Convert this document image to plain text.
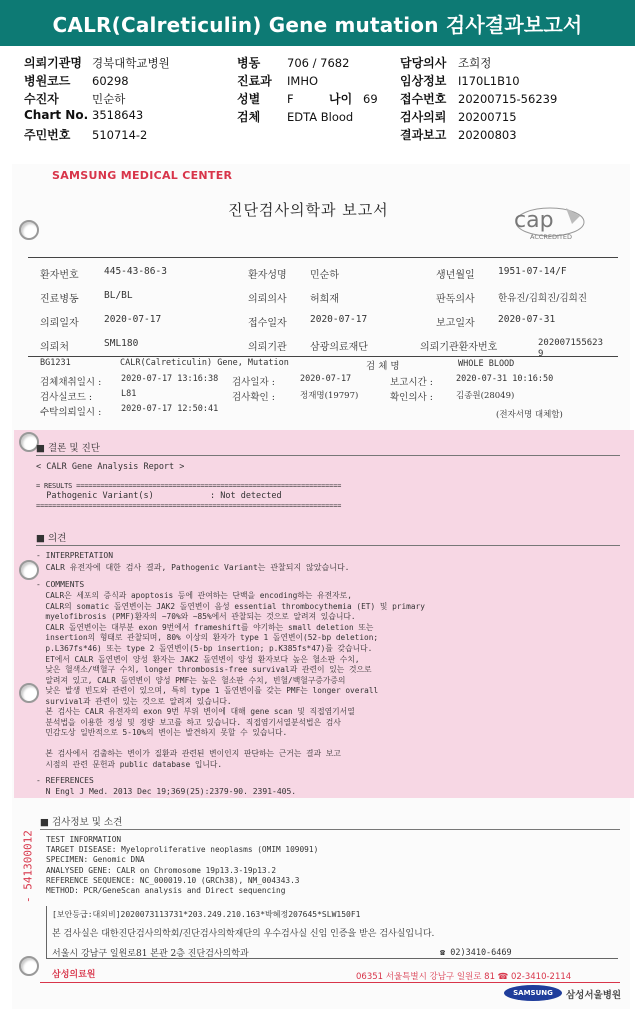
CALR(Calreticulin) Gene mutation 검사결과보고서
의뢰기관명 경북대학교병원
병원코드 60298
수진자	민순하
Chart No. 3518643
주민번호 510714-2
병동 706 / 7682
진료과 IMHO
성별 F	나이 69
검체 EDTA Blood
담당의사 조희정
임상정보 I170L1B10
접수번호 20200715-56239
검사의뢰 20200715
결과보고 20200803
SAMSUNG MEDICAL CENTER
진단검사의학과 보고서	cap
ACCREDITED
환자번호	445-43-86-3	환자성명 민순하	생년월일 1951-07-14/F
진료병동	BL/BL	의뢰의사 허희재	판독의사 한유진/김희진/김희진
의뢰일자	2020-07-17	접수일자 2020-07-17	보고일자 2020-07-31
의뢰처	SML180	의뢰기관 삼광의료재단	의뢰기관환자번호	202007155623
9
BG1231	CALR(Calreticulin) Gene, Mutation	검 체 명	WHOLE BLOOD
검체채취일시 : 2020-07-17 13:16:38 검사일자 :	2020-07-17	보고시간 :	2020-07-31 10:16:50
검사실코드 :	L81	검사확인 :	정재명(19797)	확인의사 :	김종원(28049)
수탁의뢰일시 : 2020-07-17 12:50:41
(전자서명 대체함)
■ 결론 및 진단
< CALR Gene Analysis Report >
= RESULTS ==================================================================
Pathogenic Variant(s)           : Not detected
============================================================================
■ 의견
- INTERPRETATION
CALR 유전자에 대한 검사 결과, Pathogenic Variant는 관찰되지 않았습니다.
- COMMENTS
CALR은 세포의 증식과 apoptosis 등에 관여하는 단백을 encoding하는 유전자로,
CALR의 somatic 돌연변이는 JAK2 돌연변이 음성 essential thrombocythemia (ET) 및 primary
myelofibrosis (PMF)환자의 ~70%와 ~85%에서 관찰되는 것으로 알려져 있습니다.
CALR 돌연변이는 대부분 exon 9번에서 frameshift를 야기하는 small deletion 또는
insertion의 형태로 관찰되며, 80% 이상의 환자가 type 1 돌연변이(52-bp deletion;
p.L367fs*46) 또는 type 2 돌연변이(5-bp insertion; p.K385fs*47)를 갖습니다.
ET에서 CALR 돌연변이 양성 환자는 JAK2 돌연변이 양성 환자보다 높은 혈소판 수치,
낮은 혈색소/백혈구 수치, longer thrombosis-free survival과 관련이 있는 것으로
알려져 있고, CALR 돌연변이 양성 PMF는 높은 혈소판 수치, 빈혈/백혈구증가증의
낮은 발생 빈도와 관련이 있으며, 특히 type 1 돌연변이를 갖는 PMF는 longer overall
survival과 관련이 있는 것으로 알려져 있습니다.
본 검사는 CALR 유전자의 exon 9번 부위 변이에 대해 gene scan 및 직접염기서열
분석법을 이용한 정성 및 정량 보고를 하고 있습니다. 직접염기서열분석법은 검사
민감도상 일반적으로 5-10%의 변이는 발견하지 못할 수 있습니다.
본 검사에서 검출하는 변이가 질환과 관련된 변이인지 판단하는 근거는 결과 보고
시점의 관련 문헌과 public database 입니다.
- REFERENCES
N Engl J Med. 2013 Dec 19;369(25):2379-90. 2391-405.
■ 검사정보 및 소견
TEST INFORMATION
TARGET DISEASE: Myeloproliferative neoplasms (OMIM 109091)
SPECIMEN: Genomic DNA
ANALYSED GENE: CALR on Chromosome 19p13.3-19p13.2
REFERENCE SEQUENCE: NC_000019.10 (GRCh38), NM_004343.3
METHOD: PCR/GeneScan analysis and Direct sequencing
- 541300012
[보안등급:대외비]2020073113731*203.249.210.163*박혜정207645*SLW150F1
본 검사실은 대한진단검사의학회/진단검사의학재단의 우수검사실 신임 인증을 받은 검사실입니다.
서울시 강남구 일원로81 본관 2층 진단검사의학과	☎ 02)3410-6469
삼성의료원	06351 서울특별시 강남구 일원로 81 ☎ 02-3410-2114
SAMSUNG	삼성서울병원
